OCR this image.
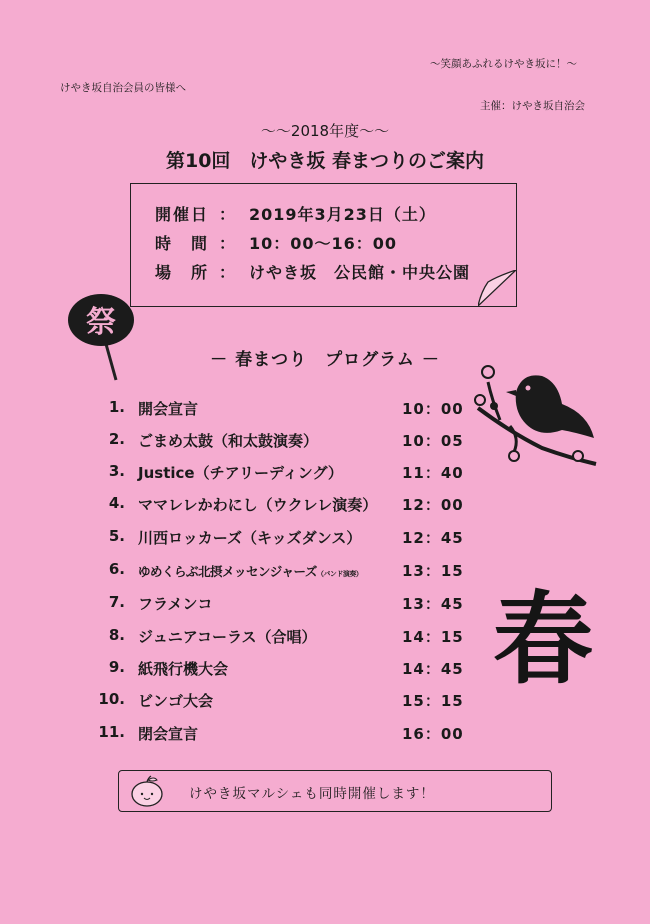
～笑顔あふれるけやき坂に！～
けやき坂自治会員の皆様へ
主催：けやき坂自治会
～～2018年度～～
第10回　けやき坂 春まつりのご案内
開催日 ： 2019年3月23日（土）
時　間 ： 10：00～16：00
場　所 ： けやき坂　公民館・中央公園
祭
－ 春まつり　プログラム －
1. 開会宣言	10：00
2. ごまめ太鼓（和太鼓演奏）	10：05
3. Justice（チアリーディング）	11：40
4. ママレレかわにし（ウクレレ演奏） 12：00
5. 川西ロッカーズ（キッズダンス）	12：45
6. ゆめくらぶ北摂メッセンジャーズ（バンド演奏）	13：15
7. フラメンコ	13：45
8. ジュニアコーラス（合唱）	14：15
9. 紙飛行機大会	14：45
10. ビンゴ大会	15：15
11. 閉会宣言	16：00
春
けやき坂マルシェも同時開催します！
